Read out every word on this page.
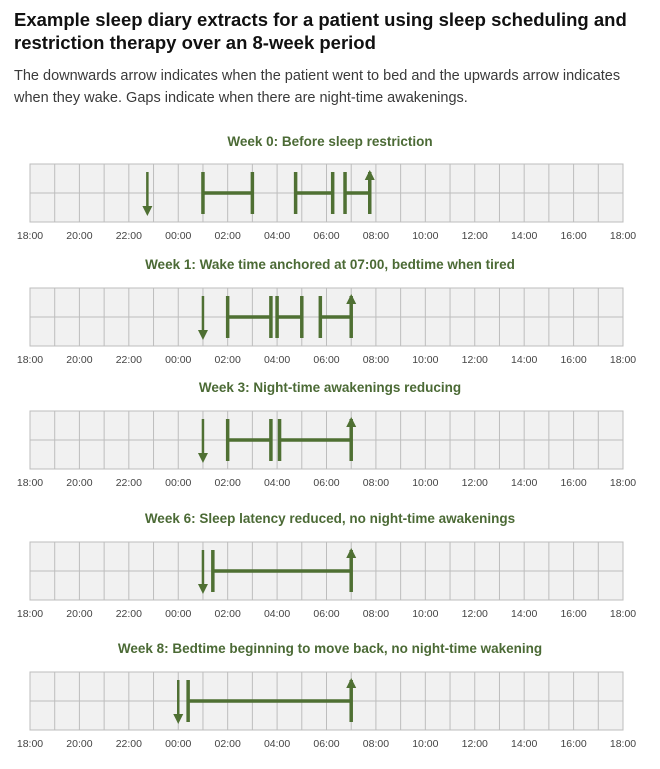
Example sleep diary extracts for a patient using sleep scheduling and restriction therapy over an 8-week period

The downwards arrow indicates when the patient went to bed and the upwards arrow indicates when they wake. Gaps indicate when there are night-time awakenings.

Week 0: Before sleep restriction

Week 1: Wake time anchored at 07:00, bedtime when tired

Week 3: Night-time awakenings reducing

Week 6: Sleep latency reduced, no night-time awakenings

Week 8: Bedtime beginning to move back, no night-time wakening

18:00 20:00 22:00 00:00 02:00 04:00 06:00 08:00 10:00 12:00 14:00 16:00 18:00
18:00 20:00 22:00 00:00 02:00 04:00 06:00 08:00 10:00 12:00 14:00 16:00 18:00
18:00 20:00 22:00 00:00 02:00 04:00 06:00 08:00 10:00 12:00 14:00 16:00 18:00
18:00 20:00 22:00 00:00 02:00 04:00 06:00 08:00 10:00 12:00 14:00 16:00 18:00
18:00 20:00 22:00 00:00 02:00 04:00 06:00 08:00 10:00 12:00 14:00 16:00 18:00
